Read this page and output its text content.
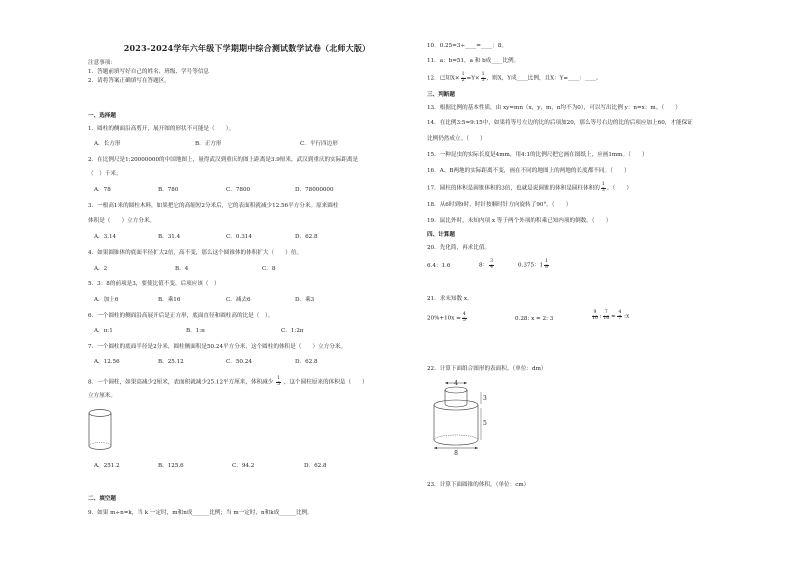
2023-2024学年六年级下学期期中综合测试数学试卷（北师大版）
注意事项：
1．答题前填写好自己的姓名、班级、学号等信息
2．请将答案正确填写在答题区。
一、选择题
1．圆柱的侧面沿高剪开，展开图的形状不可能是（　　）。
A．长方形	B．正方形	C．平行四边形
2．在比例尺是1:20000000的中国地图上，量得武汉到重庆的图上距离是3.9厘米，武汉到重庆的实际距离是
（　）千米。
A．78	B．780	C．7800	D．78000000
3．一根高1米的圆柱木料，如果把它的高缩短2分米后，它的表面积就减少12.56平方分米。原来圆柱
体积是（　　）立方分米。
A．3.14	B．31.4	C．0.314	D．62.8
4．如果圆锥体的底面半径扩大2倍，高不变，那么这个圆锥体的体积扩大（　　）倍。
A．2	B．4	C．8
5．3：8的前项是3，要使比值不变，后项应该（　）
A．加上6	B．乘16	C．减去6	D．乘3
6．一个圆柱的侧面沿高展开后是正方形，底面直径和圆柱高的比是（　）。
A．π:1	B．1:π	C．1:2π
7．一个圆柱的底面半径是2分米，圆柱侧面积是50.24平方分米，这个圆柱的体积是（　　）立方分米。
A．12.56	B．25.12	C．50.24	D．62.8
8．一个圆柱，如果高减少2厘米，表面积就减少25.12平方厘米，体积减少 $\frac{1}{5}$ ，这个圆柱原来的体积是（　　）
立方厘米。
A．251.2	B．125.6	C．94.2	D．62.8
二、填空题
9．如果 m÷n=k，当 k 一定时，m和n成______比例；当 m一定时，n和k成______比例。
10．0.25=3÷____=____：8。
11．a：b=51，a 和 b成____比例。
12．已知$X\times \frac{1}{2} =Y\times \frac{1}{3}$ ，则X，Y成____比例，且X：Y=____：____。
三、判断题
13．根据比例的基本性质，由 xy=mn（x，y，m，n均不为0），可以写出比例 y：n=x：m。（　　）
14．在比例3:5=9:15中，如果将等号左边的比的后项加20，那么等号右边的比的后项应加上60，才能保证
比例仍然成立。（　　）
15．一种昆虫的实际长度是4mm，用4:1的比例尺把它画在图纸上，应画1mm。（　　）
16．A、B两地的实际距离不变，画在不同的地图上的两地的长度都不同。（　　）
17．圆柱的体积是圆锥体积的3倍，也就是说圆锥的体积是圆柱体积的 $\frac{1}{3}$ 。（　　）
18．从6时到9时，时针按顺时针方向旋转了90°。（　　）
19．鼠比外时，未知内项 x 等于两个外项的积乘已知内项的倒数。（　　）
四、计算题
20．先化简，再求比值。
6.4：1.6	8： $\frac{3}{4}$	0.375：$1 \frac{1}{8}$
21．求未知数 x。
$20\%+10x = \frac{4}{5}$	0.28: x = 2: 3	$\frac{9}{10}$ : $\frac{7}{16} = \frac{4}{7}$ :x
22．计算下面组合图形的表面积。（单位：dm）
4
3
5
8
23．计算下面圆锥的体积。（单位：cm）
